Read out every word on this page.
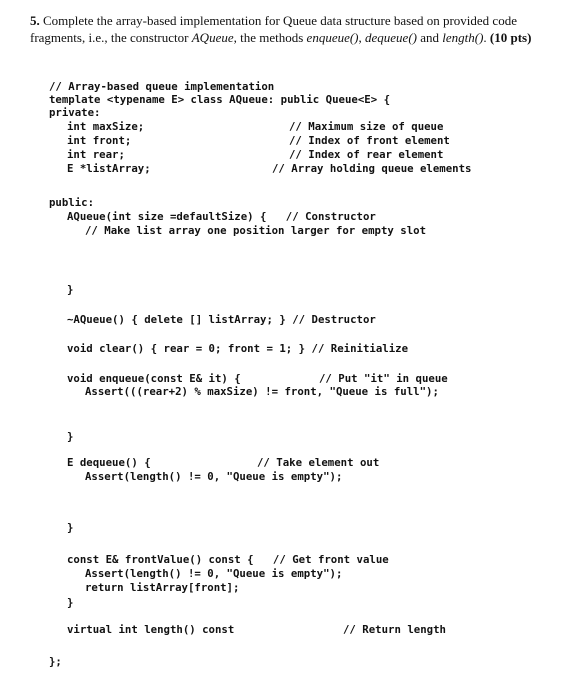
5. Complete the array-based implementation for Queue data structure based on provided code fragments, i.e., the constructor AQueue, the methods enqueue(), dequeue() and length(). (10 pts)
// Array-based queue implementation
template <typename E> class AQueue: public Queue<E> {
private:
int maxSize;	// Maximum size of queue
int front;	// Index of front element
int rear;	// Index of rear element
E *listArray;	// Array holding queue elements
public:
AQueue(int size =defaultSize) {   // Constructor
// Make list array one position larger for empty slot
}
~AQueue() { delete [] listArray; } // Destructor
void clear() { rear = 0; front = 1; } // Reinitialize
void enqueue(const E& it) {	// Put "it" in queue
Assert(((rear+2) % maxSize) != front, "Queue is full");
}
E dequeue() {	// Take element out
Assert(length() != 0, "Queue is empty");
}
const E& frontValue() const {   // Get front value
Assert(length() != 0, "Queue is empty");
return listArray[front];
}
virtual int length() const	// Return length
};
